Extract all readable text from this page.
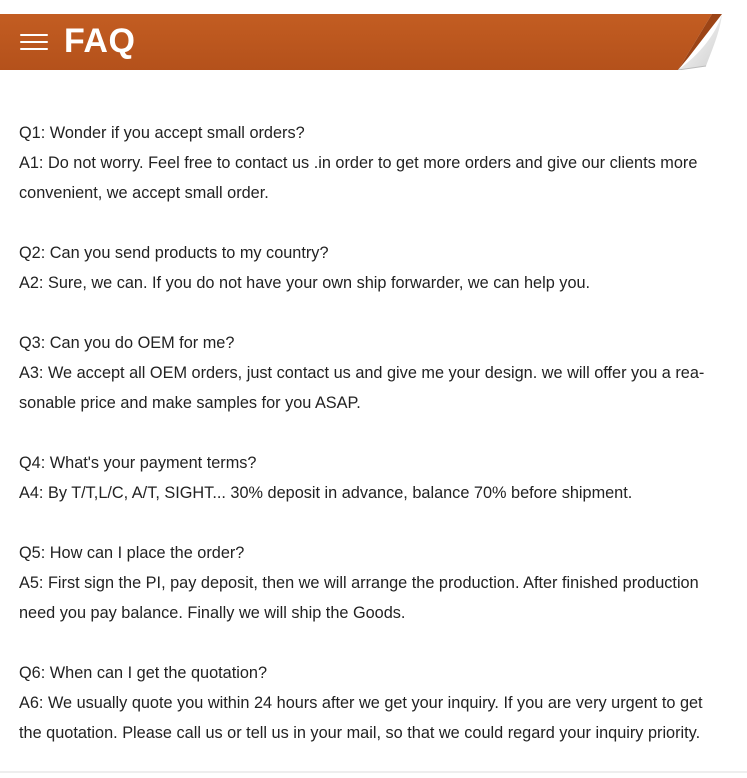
FAQ

Q1: Wonder if you accept small orders?

A1: Do not worry. Feel free to contact us .in order to get more orders and give our clients more

convenient, we accept small order.

Q2: Can you send products to my country?

A2: Sure, we can. If you do not have your own ship forwarder, we can help you.

Q3: Can you do OEM for me?

A3: We accept all OEM orders, just contact us and give me your design. we will offer you a rea-

sonable price and make samples for you ASAP.

Q4: What's your payment terms?

A4: By T/T,L/C, A/T, SIGHT... 30% deposit in advance, balance 70% before shipment.

Q5: How can I place the order?

A5: First sign the PI, pay deposit, then we will arrange the production. After finished production

need you pay balance. Finally we will ship the Goods.

Q6: When can I get the quotation?

A6: We usually quote you within 24 hours after we get your inquiry. If you are very urgent to get

the quotation. Please call us or tell us in your mail, so that we could regard your inquiry priority.
